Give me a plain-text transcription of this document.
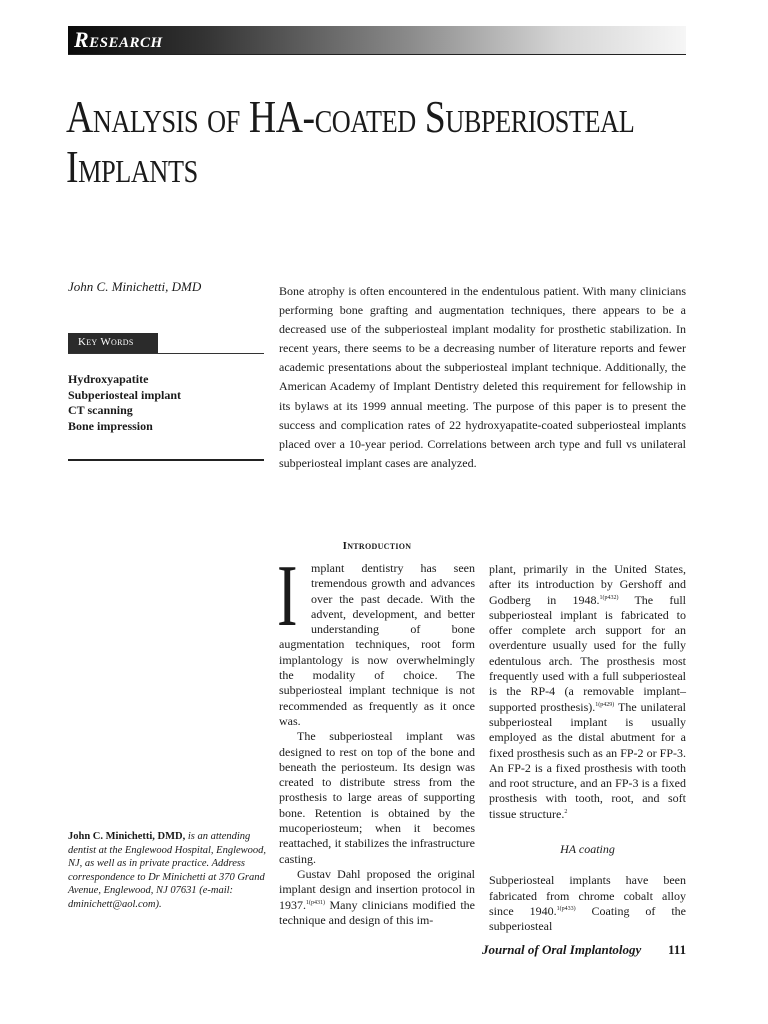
Research
Analysis of HA-coated Subperiosteal Implants
John C. Minichetti, DMD
Key Words
Hydroxyapatite
Subperiosteal implant
CT scanning
Bone impression
Bone atrophy is often encountered in the endentulous patient. With many clinicians performing bone grafting and augmentation techniques, there appears to be a decreased use of the subperiosteal implant modality for prosthetic stabilization. In recent years, there seems to be a decreasing number of literature reports and fewer academic presentations about the subperiosteal implant technique. Additionally, the American Academy of Implant Dentistry deleted this requirement for fellowship in its bylaws at its 1999 annual meeting. The purpose of this paper is to present the success and complication rates of 22 hydroxyapatite-coated subperiosteal implants placed over a 10-year period. Correlations between arch type and full vs unilateral subperiosteal implant cases are analyzed.
Introduction

I mplant dentistry has seen tremendous growth and advances over the past decade. With the advent, development, and better understanding of bone augmentation techniques, root form implantology is now overwhelmingly the modality of choice. The subperiosteal implant technique is not recommended as frequently as it once was.

The subperiosteal implant was designed to rest on top of the bone and beneath the periosteum. Its design was created to distribute stress from the prosthesis to large areas of supporting bone. Retention is obtained by the mucoperiosteum; when it becomes reattached, it stabilizes the infrastructure casting.

Gustav Dahl proposed the original implant design and insertion protocol in 1937.$^{1(p431)}$ Many clinicians modified the technique and design of this im-

plant, primarily in the United States, after its introduction by Gershoff and Godberg in 1948.$^{1(p432)}$ The full subperiosteal implant is fabricated to offer complete arch support for an overdenture usually used for the fully edentulous arch. The prosthesis most frequently used with a full subperiosteal is the RP-4 (a removable implant–supported prosthesis).$^{1(p429)}$ The unilateral subperiosteal implant is usually employed as the distal abutment for a fixed prosthesis such as an FP-2 or FP-3. An FP-2 is a fixed prosthesis with tooth and root structure, and an FP-3 is a fixed prosthesis with tooth, root, and soft tissue structure.$^2$

HA coating

Subperiosteal implants have been fabricated from chrome cobalt alloy since 1940.$^{1(p433)}$ Coating of the subperiosteal

John C. Minichetti, DMD, is an attending dentist at the Englewood Hospital, Englewood, NJ, as well as in private practice. Address correspondence to Dr Minichetti at 370 Grand Avenue, Englewood, NJ 07631 (e-mail: dminichett@aol.com).
Journal of Oral Implantology 111
